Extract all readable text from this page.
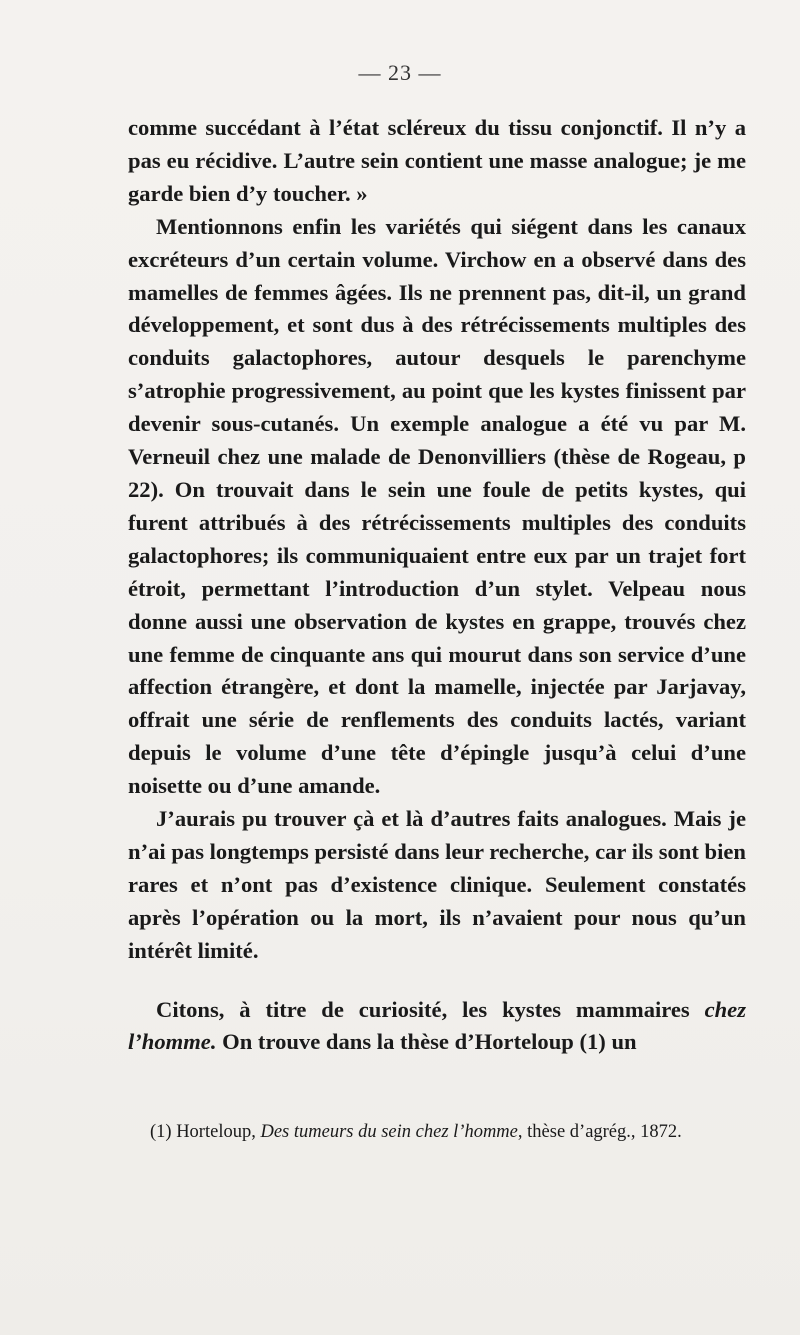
— 23 —

comme succédant à l’état scléreux du tissu conjonctif. Il n’y a pas eu récidive. L’autre sein contient une masse analogue; je me garde bien d’y toucher. »

Mentionnons enfin les variétés qui siégent dans les canaux excréteurs d’un certain volume. Virchow en a observé dans des mamelles de femmes âgées. Ils ne prennent pas, dit-il, un grand développement, et sont dus à des rétrécissements multiples des conduits galactophores, autour desquels le parenchyme s’atrophie progressivement, au point que les kystes finissent par devenir sous-cutanés. Un exemple analogue a été vu par M. Verneuil chez une malade de Denonvilliers (thèse de Rogeau, p 22). On trouvait dans le sein une foule de petits kystes, qui furent attribués à des rétrécissements multiples des conduits galactophores; ils communiquaient entre eux par un trajet fort étroit, permettant l’introduction d’un stylet. Velpeau nous donne aussi une observation de kystes en grappe, trouvés chez une femme de cinquante ans qui mourut dans son service d’une affection étrangère, et dont la mamelle, injectée par Jarjavay, offrait une série de renflements des conduits lactés, variant depuis le volume d’une tête d’épingle jusqu’à celui d’une noisette ou d’une amande.

J’aurais pu trouver çà et là d’autres faits analogues. Mais je n’ai pas longtemps persisté dans leur recherche, car ils sont bien rares et n’ont pas d’existence clinique. Seulement constatés après l’opération ou la mort, ils n’avaient pour nous qu’un intérêt limité.

Citons, à titre de curiosité, les kystes mammaires chez l’homme. On trouve dans la thèse d’Horteloup (1) un

(1) Horteloup, Des tumeurs du sein chez l’homme, thèse d’agrég., 1872.
